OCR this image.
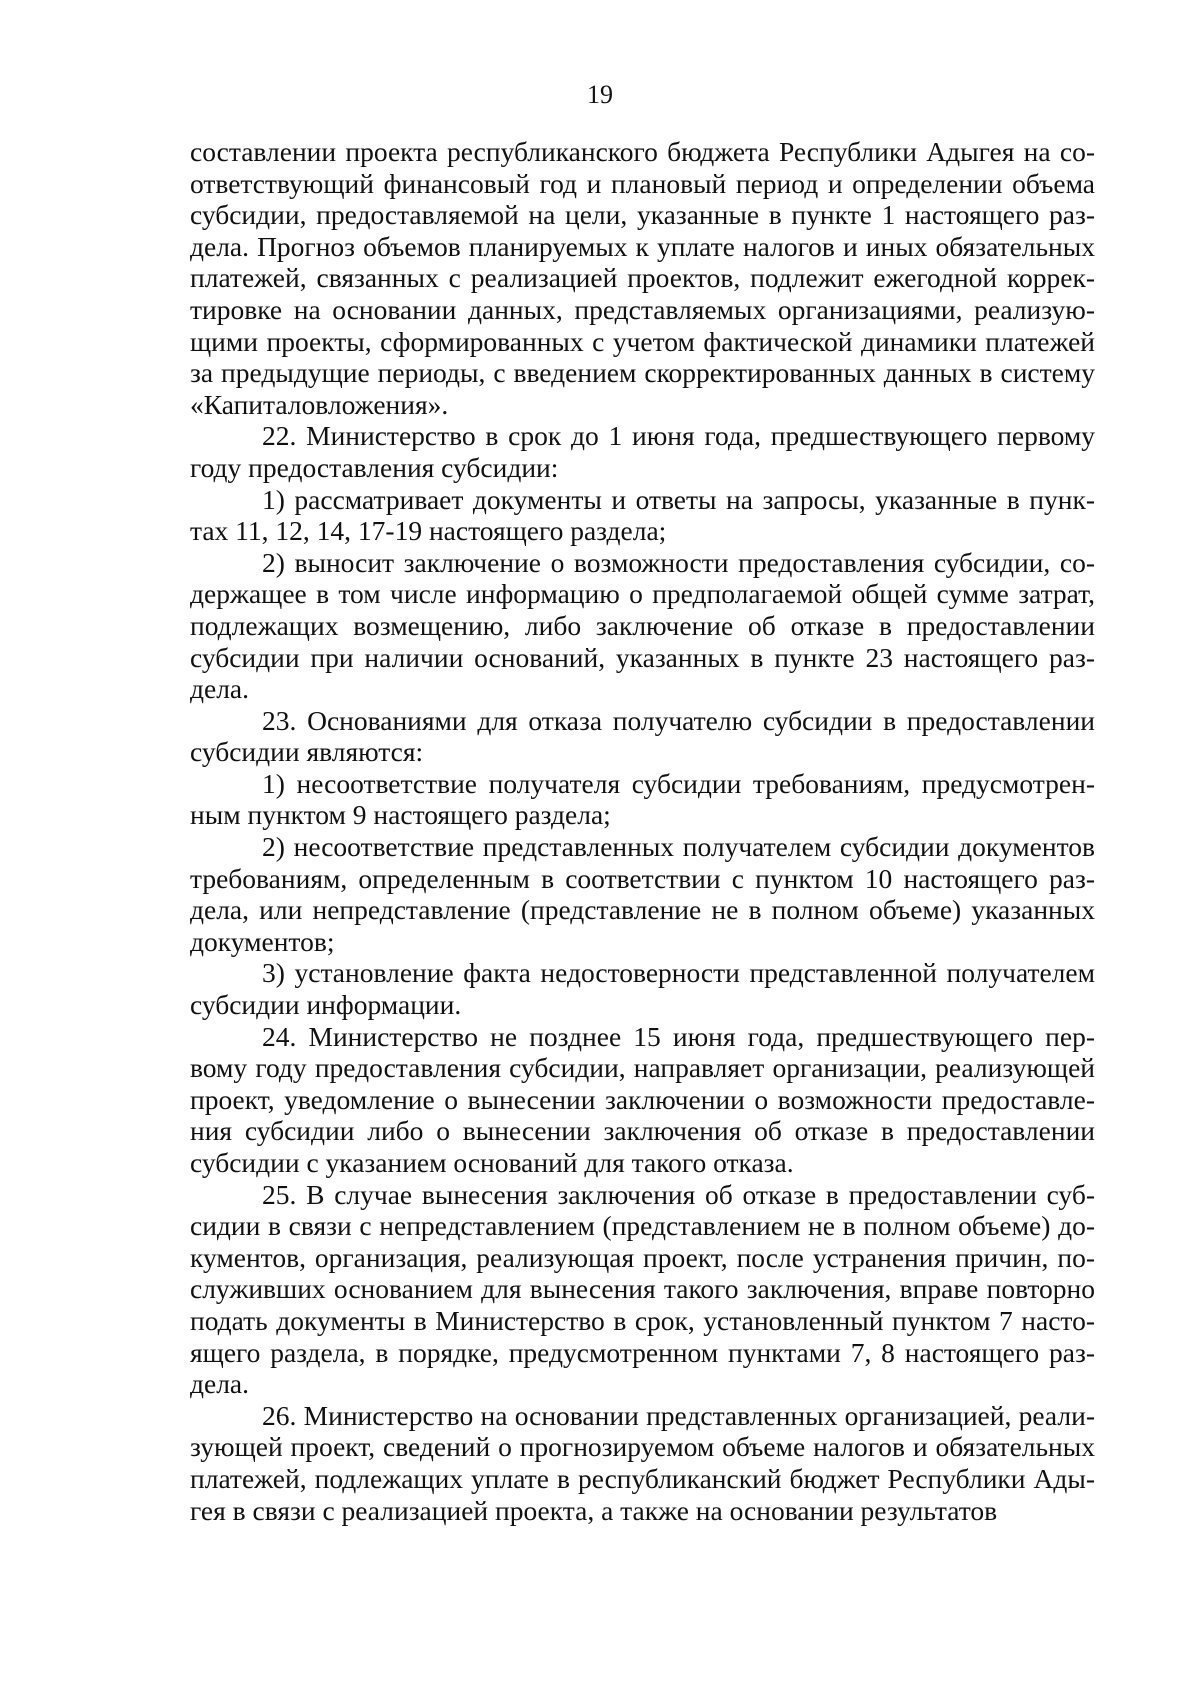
19

составлении проекта республиканского бюджета Республики Адыгея на соответствующий финансовый год и плановый период и определении объема субсидии, предоставляемой на цели, указанные в пункте 1 настоящего раздела. Прогноз объемов планируемых к уплате налогов и иных обязательных платежей, связанных с реализацией проектов, подлежит ежегодной корректировке на основании данных, представляемых организациями, реализующими проекты, сформированных с учетом фактической динамики платежей за предыдущие периоды, с введением скорректированных данных в систему «Капиталовложения».

22. Министерство в срок до 1 июня года, предшествующего первому году предоставления субсидии:

1) рассматривает документы и ответы на запросы, указанные в пунктах 11, 12, 14, 17-19 настоящего раздела;

2) выносит заключение о возможности предоставления субсидии, содержащее в том числе информацию о предполагаемой общей сумме затрат, подлежащих возмещению, либо заключение об отказе в предоставлении субсидии при наличии оснований, указанных в пункте 23 настоящего раздела.

23. Основаниями для отказа получателю субсидии в предоставлении субсидии являются:

1) несоответствие получателя субсидии требованиям, предусмотренным пунктом 9 настоящего раздела;

2) несоответствие представленных получателем субсидии документов требованиям, определенным в соответствии с пунктом 10 настоящего раздела, или непредставление (представление не в полном объеме) указанных документов;

3) установление факта недостоверности представленной получателем субсидии информации.

24. Министерство не позднее 15 июня года, предшествующего первому году предоставления субсидии, направляет организации, реализующей проект, уведомление о вынесении заключении о возможности предоставления субсидии либо о вынесении заключения об отказе в предоставлении субсидии с указанием оснований для такого отказа.

25. В случае вынесения заключения об отказе в предоставлении субсидии в связи с непредставлением (представлением не в полном объеме) документов, организация, реализующая проект, после устранения причин, послуживших основанием для вынесения такого заключения, вправе повторно подать документы в Министерство в срок, установленный пунктом 7 настоящего раздела, в порядке, предусмотренном пунктами 7, 8 настоящего раздела.

26. Министерство на основании представленных организацией, реализующей проект, сведений о прогнозируемом объеме налогов и обязательных платежей, подлежащих уплате в республиканский бюджет Республики Адыгея в связи с реализацией проекта, а также на основании результатов
